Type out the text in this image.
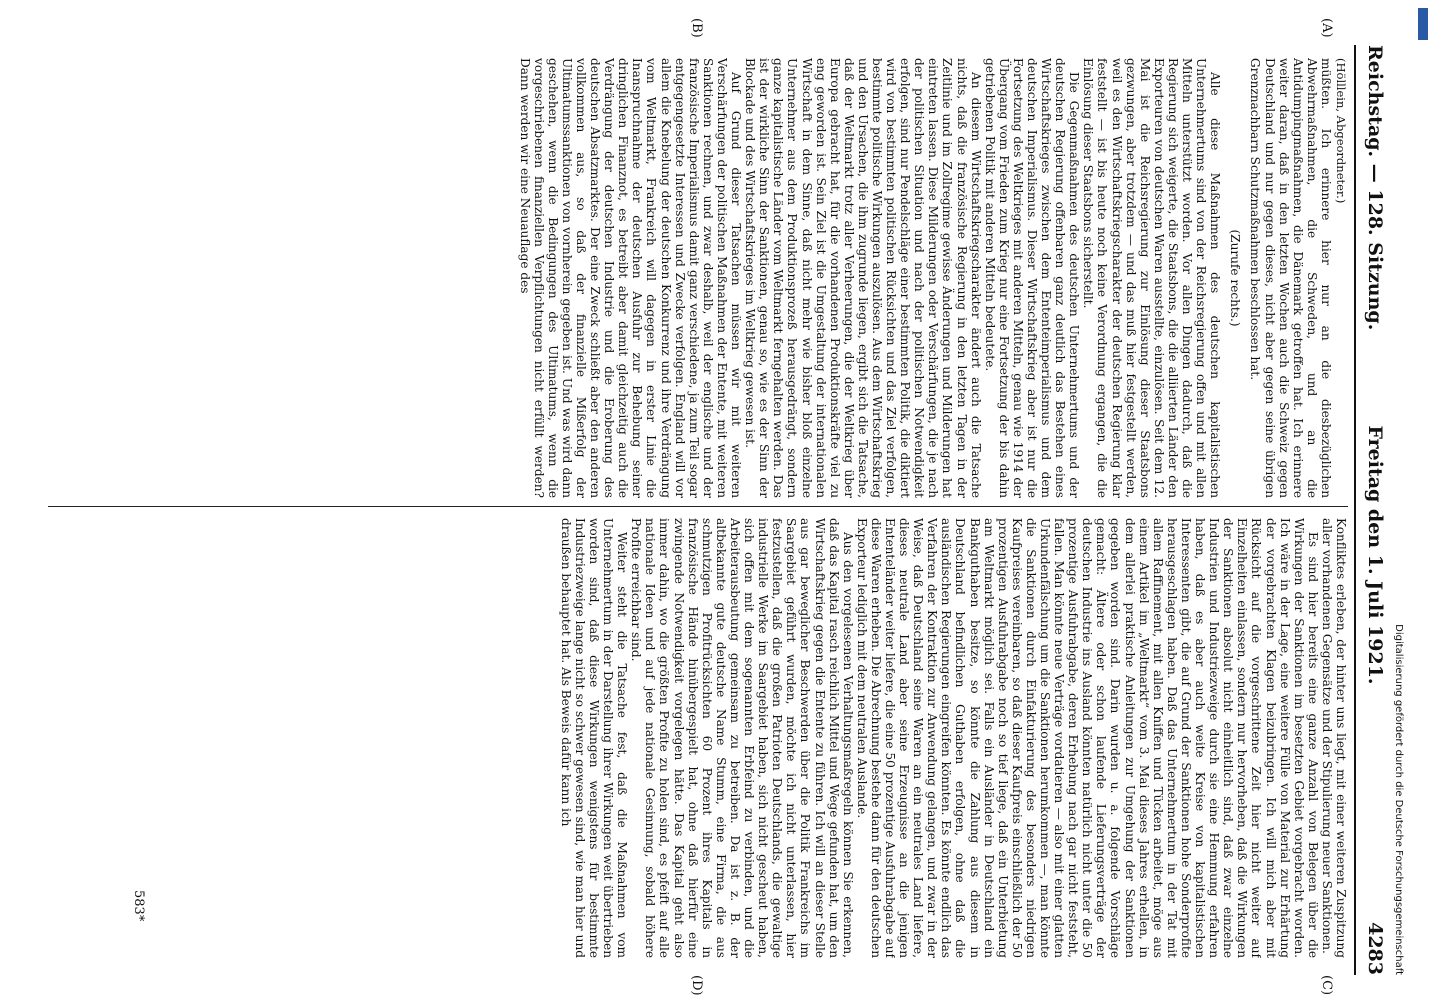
Reichstag. — 128. Sitzung.
Freitag den 1. Juli 1921.
4283
(A)
(B)
(C)
(D)
(Hölllein, Abgeordneter.)

müßten. Ich erinnere hier nur an die diesbezüglichen Abwehrmaßnahmen, die Schweden, und an die Antidumpingmaßnahmen, die Dänemark getroffen hat. Ich erinnere weiter daran, daß in den letzten Wochen auch die Schweiz gegen Deutschland und nur gegen dieses, nicht aber gegen seine übrigen Grenznachbarn Schutzmaßnahmen beschlossen hat.

(Zurufe rechts.)

Alle diese Maßnahmen des deutschen kapitalistischen Unternehmertums sind von der Reichsregierung offen und mit allen Mitteln unterstützt worden. Vor allen Dingen dadurch, daß die Regierung sich weigerte, die Staatsbons, die die alliierten Länder den Exporteuren von deutschen Waren ausstellte, einzulösen. Seit dem 12. Mai ist die Reichsregierung zur Einlösung dieser Staatsbons gezwungen, aber trotzdem — und das muß hier festgestellt werden, weil es den Wirtschaftskriegscharakter der deutschen Regierung klar feststellt — ist bis heute noch keine Verordnung ergangen, die die Einlösung dieser Staatsbons sicherstellt.

Die Gegenmaßnahmen des deutschen Unternehmertums und der deutschen Regierung offenbaren ganz deutlich das Bestehen eines Wirtschaftskrieges zwischen dem Ententeimperialismus und dem deutschen Imperialismus. Dieser Wirtschaftskrieg aber ist nur die Fortsetzung des Weltkrieges mit anderen Mitteln, genau wie 1914 der Übergang vom Frieden zum Krieg nur eine Fortsetzung der bis dahin getriebenen Politik mit anderen Mitteln bedeutete.

An diesem Wirtschaftskriegscharakter ändert auch die Tatsache nichts, daß die französische Regierung in den letzten Tagen in der Zeitlinie und im Zollregime gewisse Änderungen und Milderungen hat eintreten lassen. Diese Milderungen oder Verschärfungen, die je nach der politischen Situation und nach der politischen Notwendigkeit erfolgen, sind nur Pendelschläge einer bestimmten Politik, die diktiert wird von bestimmten politischen Rücksichten und das Ziel verfolgen, bestimmte politische Wirkungen auszulösen. Aus dem Wirtschaftskrieg und den Ursachen, die ihm zugrunde liegen, ergibt sich die Tatsache, daß der Weltmarkt trotz aller Verheerungen, die der Weltkrieg über Europa gebracht hat, für die vorhandenen Produktionskräfte viel zu eng geworden ist. Sein Ziel ist die Umgestaltung der internationalen Wirtschaft in dem Sinne, daß nicht mehr wie bisher bloß einzelne Unternehmer aus dem Produktionsprozeß herausgedrängt, sondern ganze kapitalistische Länder vom Weltmarkt ferngehalten werden. Das ist der wirkliche Sinn der Sanktionen, genau so, wie es der Sinn der Blockade und des Wirtschaftskrieges im Weltkrieg gewesen ist.

Auf Grund dieser Tatsachen müssen wir mit weiteren Verschärfungen der politischen Maßnahmen der Entente, mit weiteren Sanktionen rechnen, und zwar deshalb, weil der englische und der französische Imperialismus damit ganz verschiedene, ja zum Teil sogar entgegengesetzte Interessen und Zwecke verfolgen. England will vor allem die Knebelung der deutschen Konkurrenz und ihre Verdrängung vom Weltmarkt, Frankreich will dagegen in erster Linie die Inanspruchnahme der deutschen Ausfuhr zur Behebung seiner dringlichen Finanznot, es betreibt aber damit gleichzeitig auch die Verdrängung der deutschen Industrie und die Eroberung des deutschen Absatzmarktes. Der eine Zweck schließt aber den anderen vollkommen aus, so daß der finanzielle Mißerfolg der Ultimatumssanktionen von vornherein gegeben ist. Und was wird dann geschehen, wenn die Bedingungen des Ultimatums, wenn die vorgeschriebenen finanziellen Verpflichtungen nicht erfüllt werden? Dann werden wir eine Neuauflage des

Konfliktes erleben, der hinter uns liegt, mit einer weiteren Zuspitzung aller vorhandenen Gegensätze und der Stipulierung neuer Sanktionen.

Es sind hier bereits eine ganze Anzahl von Belegen über die Wirkungen der Sanktionen im besetzten Gebiet vorgebracht worden. Ich wäre in der Lage, eine weitere Fülle von Material zur Erhärtung der vorgebrachten Klagen beizubringen. Ich will mich aber mit Rücksicht auf die vorgeschrittene Zeit hier nicht weiter auf Einzelheiten einlassen, sondern nur hervorheben, daß die Wirkungen der Sanktionen absolut nicht einheitlich sind, daß zwar einzelne Industrien und Industriezweige durch sie eine Hemmung erfahren haben, daß es aber auch weite Kreise von kapitalistischen Interessenten gibt, die auf Grund der Sanktionen hohe Sonderprofite herausgeschlagen haben. Daß das Unternehmertum in der Tat mit allem Raffinement, mit allen Kniffen und Tücken arbeitet, möge aus einem Artikel im „Weltmarkt“ vom 3. Mai dieses Jahres erhellen, in dem allerlei praktische Anleitungen zur Umgehung der Sanktionen gegeben worden sind. Darin wurden u. a. folgende Vorschläge gemacht: Ältere oder schon laufende Lieferungsverträge der deutschen Industrie ins Ausland könnten natürlich nicht unter die 50 prozentige Ausfuhrabgabe, deren Erhebung nach gar nicht feststeht, fallen. Man könnte neue Verträge vordatieren — also mit einer glatten Urkundenfälschung um die Sanktionen herumkommen —, man könnte die Sanktionen durch Einfakturierung des besonders niedrigen Kaufpreises vereinbaren, so daß dieser Kaufpreis einschließlich der 50 prozentigen Ausfuhrabgabe noch so tief liege, daß ein Unterbietung am Weltmarkt möglich sei. Falls ein Ausländer in Deutschland ein Bankguthaben besitze, so könnte die Zahlung aus diesem in Deutschland befindlichen Guthaben erfolgen, ohne daß die ausländischen Regierungen eingreifen könnten. Es könnte endlich das Verfahren der Kontraktion zur Anwendung gelangen, und zwar in der Weise, daß Deutschland seine Waren an ein neutrales Land liefere, dieses neutrale Land aber seine Erzeugnisse an die jenigen Ententeländer weiter liefere, die eine 50 prozentige Ausfuhrabgabe auf diese Waren erheben. Die Abrechnung bestehe dann für den deutschen Exporteur lediglich mit dem neutralen Auslande.

Aus den vorgelesenen Verhaltungsmaßregeln können Sie erkennen, daß das Kapital rasch reichlich Mittel und Wege gefunden hat, um den Wirtschaftskrieg gegen die Entente zu führen. Ich will an dieser Stelle aus gar beweglicher Beschwerden über die Politik Frankreichs im Saargebiet geführt wurden, möchte ich nicht unterlassen, hier festzustellen, daß die großen Patrioten Deutschlands, die gewaltige industrielle Werke im Saargebiet haben, sich nicht gescheut haben, sich offen mit dem sogenannten Erbfeind zu verbinden, und die Arbeiterausbeutung gemeinsam zu betreiben. Da ist z. B. der altbekannte gute deutsche Name Stumm, eine Firma, die aus schmutzigen Profitrücksichten 60 Prozent ihres Kapitals in französische Hände hinübergespielt hat, ohne daß hierfür eine zwingende Notwendigkeit vorgelegen hätte. Das Kapital geht also immer dahin, wo die größten Profite zu holen sind, es pfeift auf alle nationale Ideen und auf jede nationale Gesinnung, sobald höhere Profite erreichbar sind.

Weiter steht die Tatsache fest, daß die Maßnahmen vom Unternehmertum in der Darstellung ihrer Wirkungen weit übertrieben worden sind, daß diese Wirkungen wenigstens für bestimmte Industriezweige lange nicht so schwer gewesen sind, wie man hier und draußen behauptet hat. Als Beweis dafür kann ich

583*	Digitalisierung gefördert durch die Deutsche Forschungsgemeinschaft
